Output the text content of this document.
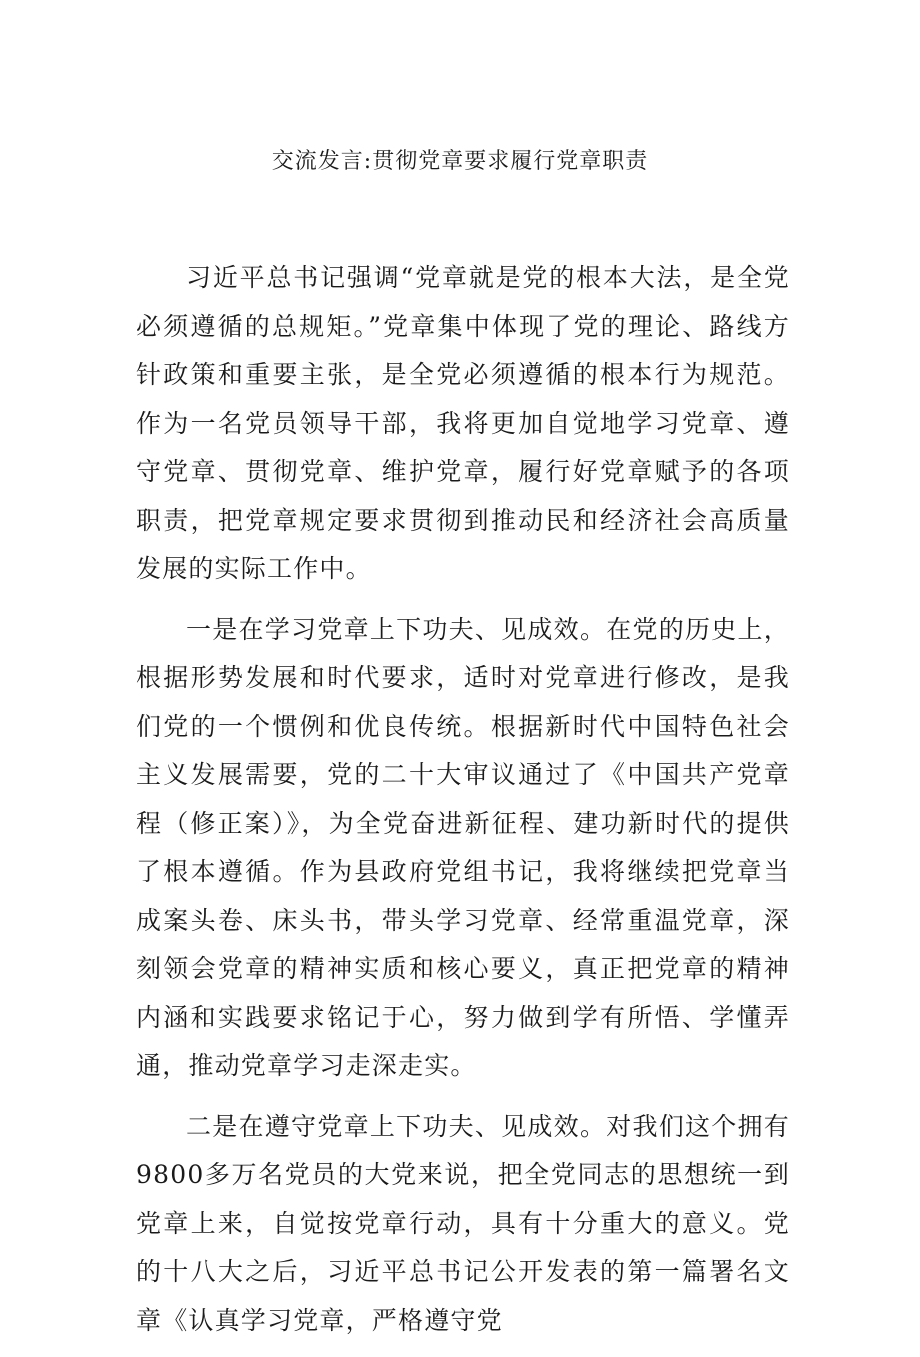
交流发言:贯彻党章要求履行党章职责

习近平总书记强调“党章就是党的根本大法，是全党必须遵循的总规矩。”党章集中体现了党的理论、路线方针政策和重要主张，是全党必须遵循的根本行为规范。作为一名党员领导干部，我将更加自觉地学习党章、遵守党章、贯彻党章、维护党章，履行好党章赋予的各项职责，把党章规定要求贯彻到推动民和经济社会高质量发展的实际工作中。

一是在学习党章上下功夫、见成效。在党的历史上，根据形势发展和时代要求，适时对党章进行修改，是我们党的一个惯例和优良传统。根据新时代中国特色社会主义发展需要，党的二十大审议通过了《中国共产党章程（修正案）》，为全党奋进新征程、建功新时代的提供了根本遵循。作为县政府党组书记，我将继续把党章当成案头卷、床头书，带头学习党章、经常重温党章，深刻领会党章的精神实质和核心要义，真正把党章的精神内涵和实践要求铭记于心，努力做到学有所悟、学懂弄通，推动党章学习走深走实。

二是在遵守党章上下功夫、见成效。对我们这个拥有9800多万名党员的大党来说，把全党同志的思想统一到党章上来，自觉按党章行动，具有十分重大的意义。党的十八大之后，习近平总书记公开发表的第一篇署名文章《认真学习党章，严格遵守党
